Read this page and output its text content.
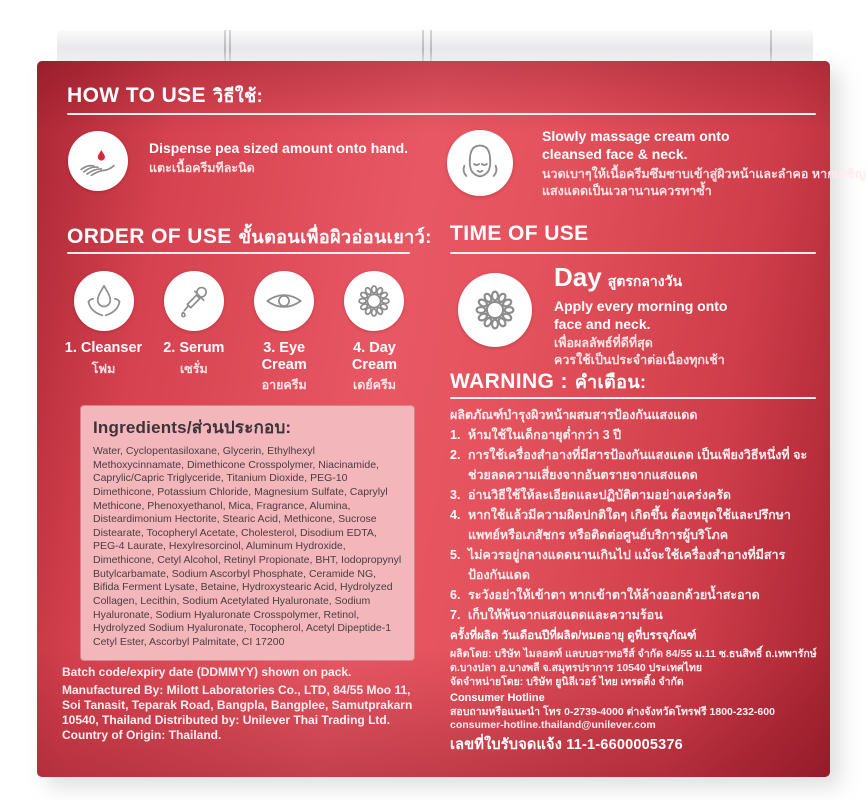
HOW TO USE วิธีใช้:
Dispense pea sized amount onto hand.
แตะเนื้อครีมทีละนิด
Slowly massage cream onto cleansed face & neck.
นวดเบาๆให้เนื้อครีมซึมซาบเข้าสู่ผิวหน้าและลำคอ หากเผชิญแสงแดดเป็นเวลานานควรทาซ้ำ
ORDER OF USE ขั้นตอนเพื่อผิวอ่อนเยาว์:
1. Cleanser
โฟม
2. Serum
เซรั่ม
3. Eye Cream
อายครีม
4. Day Cream
เดย์ครีม
Ingredients/ส่วนประกอบ:
Water, Cyclopentasiloxane, Glycerin, Ethylhexyl Methoxycinnamate, Dimethicone Crosspolymer, Niacinamide, Caprylic/Capric Triglyceride, Titanium Dioxide, PEG-10 Dimethicone, Potassium Chloride, Magnesium Sulfate, Caprylyl Methicone, Phenoxyethanol, Mica, Fragrance, Alumina, Disteardimonium Hectorite, Stearic Acid, Methicone, Sucrose Distearate, Tocopheryl Acetate, Cholesterol, Disodium EDTA, PEG-4 Laurate, Hexylresorcinol, Aluminum Hydroxide, Dimethicone, Cetyl Alcohol, Retinyl Propionate, BHT, Iodopropynyl Butylcarbamate, Sodium Ascorbyl Phosphate, Ceramide NG, Bifida Ferment Lysate, Betaine, Hydroxystearic Acid, Hydrolyzed Collagen, Lecithin, Sodium Acetylated Hyaluronate, Sodium Hyaluronate, Sodium Hyaluronate Crosspolymer, Retinol, Hydrolyzed Sodium Hyaluronate, Tocopherol, Acetyl Dipeptide-1 Cetyl Ester, Ascorbyl Palmitate, CI 17200
Batch code/expiry date (DDMMYY) shown on pack.
Manufactured By: Milott Laboratories Co., LTD, 84/55 Moo 11, Soi Tanasit, Teparak Road, Bangpla, Bangplee, Samutprakarn 10540, Thailand Distributed by: Unilever Thai Trading Ltd. Country of Origin: Thailand.
TIME OF USE
Day สูตรกลางวัน
Apply every morning onto face and neck.
เพื่อผลลัพธ์ที่ดีที่สุด
ควรใช้เป็นประจำต่อเนื่องทุกเช้า
WARNING : คำเตือน:
ผลิตภัณฑ์บำรุงผิวหน้าผสมสารป้องกันแสงแดด
1. ห้ามใช้ในเด็กอายุต่ำกว่า 3 ปี
2. การใช้เครื่องสำอางที่มีสารป้องกันแสงแดด เป็นเพียงวิธีหนึ่งที่ จะช่วยลดความเสี่ยงจากอันตรายจากแสงแดด
3. อ่านวิธีใช้ให้ละเอียดและปฏิบัติตามอย่างเคร่งครัด
4. หากใช้แล้วมีความผิดปกติใดๆ เกิดขึ้น ต้องหยุดใช้และปรึกษา แพทย์หรือเภสัชกร หรือติดต่อศูนย์บริการผู้บริโภค
5. ไม่ควรอยู่กลางแดดนานเกินไป แม้จะใช้เครื่องสำอางที่มีสาร ป้องกันแดด
6. ระวังอย่าให้เข้าตา หากเข้าตาให้ล้างออกด้วยน้ำสะอาด
7. เก็บให้พ้นจากแสงแดดและความร้อน
ครั้งที่ผลิต วันเดือนปีที่ผลิต/หมดอายุ ดูที่บรรจุภัณฑ์
ผลิตโดย: บริษัท ไมลอตท์ แลบบอราทอรีส์ จำกัด 84/55 ม.11 ซ.ธนสิทธิ์ ถ.เทพารักษ์ ต.บางปลา อ.บางพลี จ.สมุทรปราการ 10540 ประเทศไทย
จัดจำหน่ายโดย: บริษัท ยูนิลีเวอร์ ไทย เทรดดิ้ง จำกัด
Consumer Hotline
สอบถามหรือแนะนำ โทร 0-2739-4000 ต่างจังหวัดโทรฟรี 1800-232-600
consumer-hotline.thailand@unilever.com
เลขที่ใบรับจดแจ้ง 11-1-6600005376
